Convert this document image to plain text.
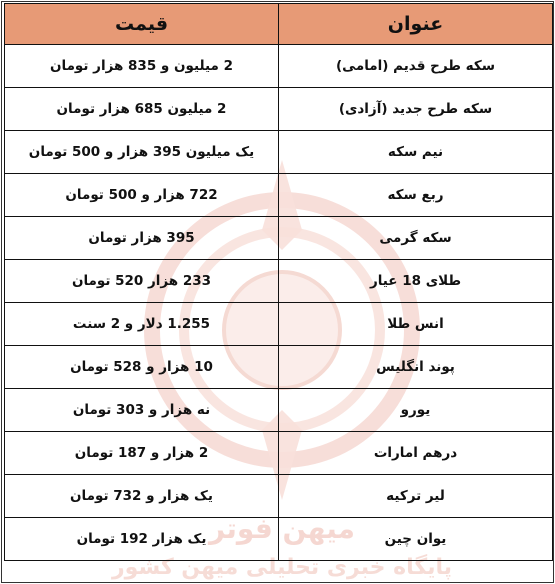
میهن فوتر
پایگاه خبری تحلیلی میهن کشور
عنوان	قیمت
سکه طرح قدیم (امامی)	2 میلیون و 835 هزار تومان
سکه طرح جدید (آزادی)	2 میلیون 685 هزار تومان
نیم سکه	یک میلیون 395 هزار و 500 تومان
ربع سکه	722 هزار و 500 تومان
سکه گرمی	395 هزار تومان
طلای 18 عیار	233 هزار 520 تومان
انس طلا	1.255 دلار و 2 سنت
پوند انگلیس	10 هزار و 528 تومان
یورو	نه هزار و 303 تومان
درهم امارات	2 هزار و 187 تومان
لیر ترکیه	یک هزار و 732 تومان
یوان چین	یک هزار 192 تومان
